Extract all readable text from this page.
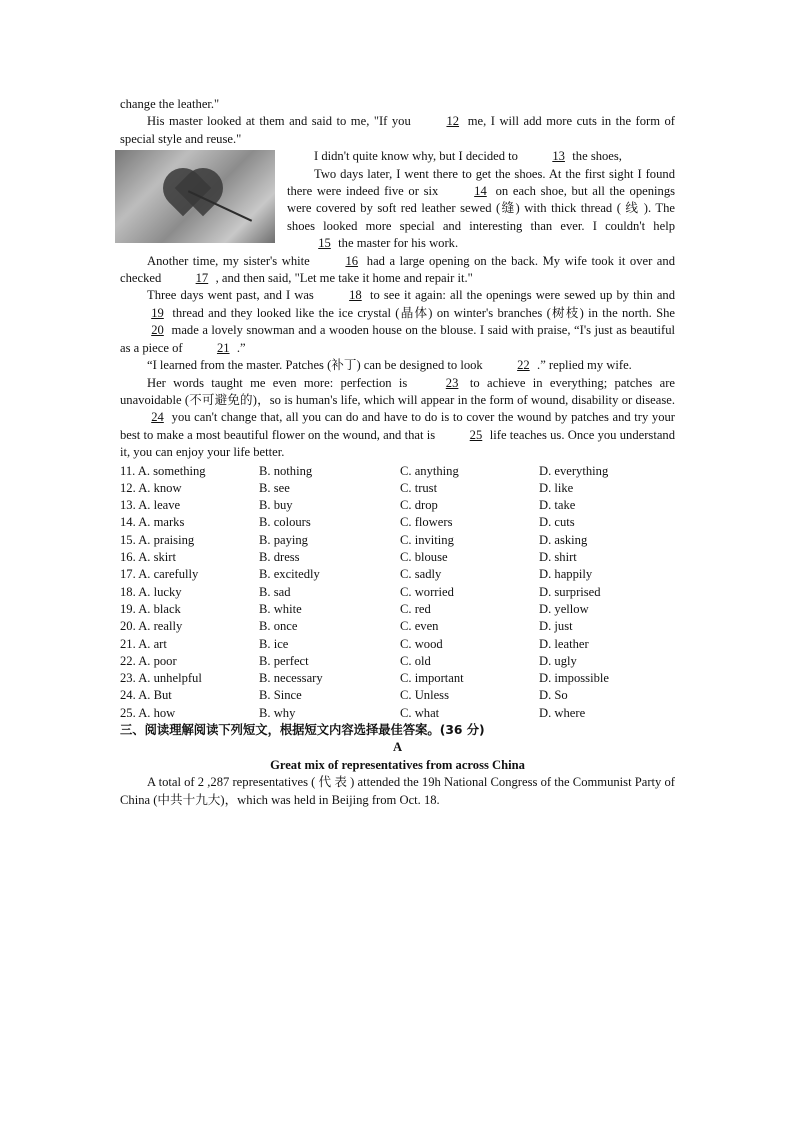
change the leather."

His master looked at them and said to me, "If you	12 me, I will add more cuts in the form of special style and reuse."

I didn't quite know why, but I decided to	13 the shoes,

Two days later, I went there to get the shoes. At the first sight I found there were indeed five or six	14 on each shoe, but all the openings were covered by soft red leather sewed (缝) with thick thread ( 线 ). The shoes looked more special and interesting than ever. I couldn't help 15 the master for his work.

Another time, my sister's white	16 had a large opening on the back. My wife took it over and checked	17 , and then said, "Let me take it home and repair it."

Three days went past, and I was	18 to see it again: all the openings were sewed up by thin and 19 thread and they looked like the ice crystal (晶体) on winter's branches (树枝) in the north. She 20 made a lovely snowman and a wooden house on the blouse. I said with praise, “I's just as beautiful as a piece of	21 .”

“I learned from the master. Patches (补丁) can be designed to look	22 .” replied my wife.

Her words taught me even more: perfection is	23 to achieve in everything; patches are unavoidable (不可避免的)，so is human's life, which will appear in the form of wound, disability or disease. 24 you can't change that, all you can do and have to do is to cover the wound by patches and try your best to make a most beautiful flower on the wound, and that is	25 life teaches us. Once you understand it, you can enjoy your life better.

11. A. something	B. nothing	C. anything	D. everything
12. A. know	B. see	C. trust	D. like
13. A. leave	B. buy	C. drop	D. take
14. A. marks	B. colours	C. flowers	D. cuts
15. A. praising	B. paying	C. inviting	D. asking
16. A. skirt	B. dress	C. blouse	D. shirt
17. A. carefully	B. excitedly	C. sadly	D. happily
18. A. lucky	B. sad	C. worried	D. surprised
19. A. black	B. white	C. red	D. yellow
20. A. really	B. once	C. even	D. just
21. A. art	B. ice	C. wood	D. leather
22. A. poor	B. perfect	C. old	D. ugly
23. A. unhelpful	B. necessary	C. important	D. impossible
24. A. But	B. Since	C. Unless	D. So
25. A. how	B. why	C. what	D. where

三、阅读理解阅读下列短文，根据短文内容选择最佳答案。(36 分)

A

Great mix of representatives from across China

A total of 2 ,287 representatives ( 代 表 ) attended the 19h National Congress of the Communist Party of China (中共十九大)，which was held in Beijing from Oct. 18.
